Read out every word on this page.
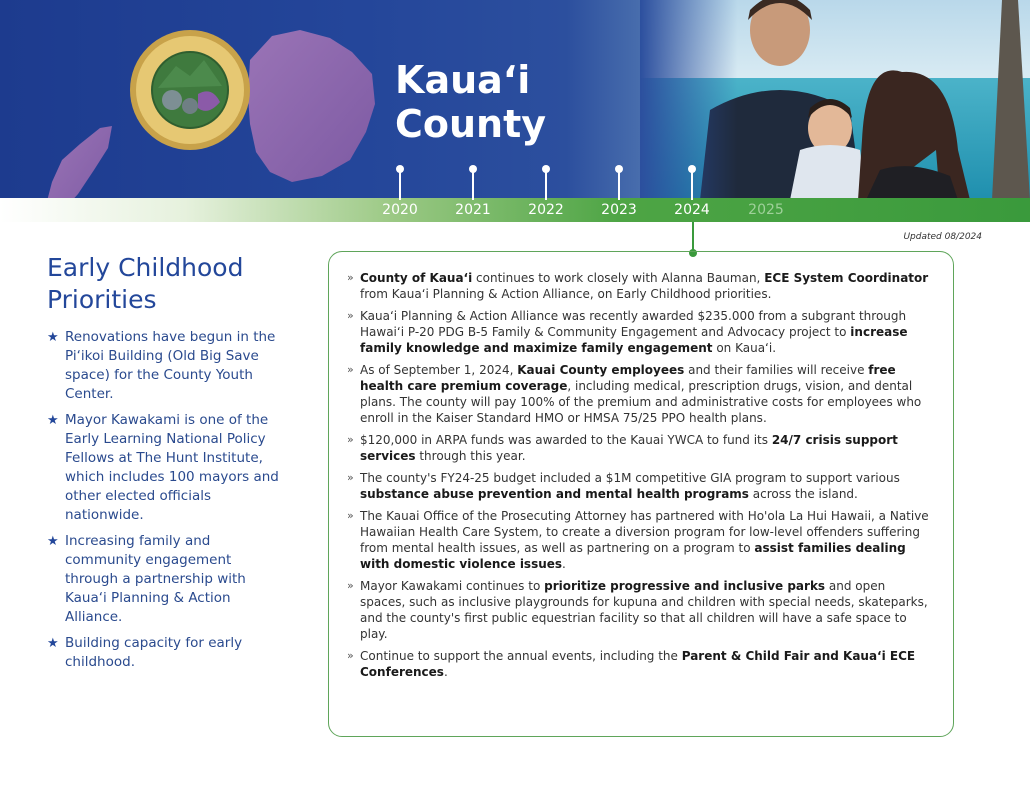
Kaua‘i
County
2020	2021	2022	2023	2024	2025
Updated 08/2024
Early Childhood Priorities
★ Renovations have begun in the Pi‘ikoi Building (Old Big Save space) for the County Youth Center.
★ Mayor Kawakami is one of the Early Learning National Policy Fellows at The Hunt Institute, which includes 100 mayors and other elected officials nationwide.
★ Increasing family and community engagement through a partnership with Kaua‘i Planning & Action Alliance.
★ Building capacity for early childhood.
» County of Kaua‘i continues to work closely with Alanna Bauman, ECE System Coordinator from Kaua‘i Planning & Action Alliance, on Early Childhood priorities.
» Kaua‘i Planning & Action Alliance was recently awarded $235.000 from a subgrant through Hawai‘i P-20 PDG B-5 Family & Community Engagement and Advocacy project to increase family knowledge and maximize family engagement on Kaua‘i.
» As of September 1, 2024, Kauai County employees and their families will receive free health care premium coverage, including medical, prescription drugs, vision, and dental plans. The county will pay 100% of the premium and administrative costs for employees who enroll in the Kaiser Standard HMO or HMSA 75/25 PPO health plans.
» $120,000 in ARPA funds was awarded to the Kauai YWCA to fund its 24/7 crisis support services through this year.
» The county's FY24-25 budget included a $1M competitive GIA program to support various substance abuse prevention and mental health programs across the island.
» The Kauai Office of the Prosecuting Attorney has partnered with Ho'ola La Hui Hawaii, a Native Hawaiian Health Care System, to create a diversion program for low-level offenders suffering from mental health issues, as well as partnering on a program to assist families dealing with domestic violence issues.
» Mayor Kawakami continues to prioritize progressive and inclusive parks and open spaces, such as inclusive playgrounds for kupuna and children with special needs, skateparks, and the county's first public equestrian facility so that all children will have a safe space to play.
» Continue to support the annual events, including the Parent & Child Fair and Kaua‘i ECE Conferences.
